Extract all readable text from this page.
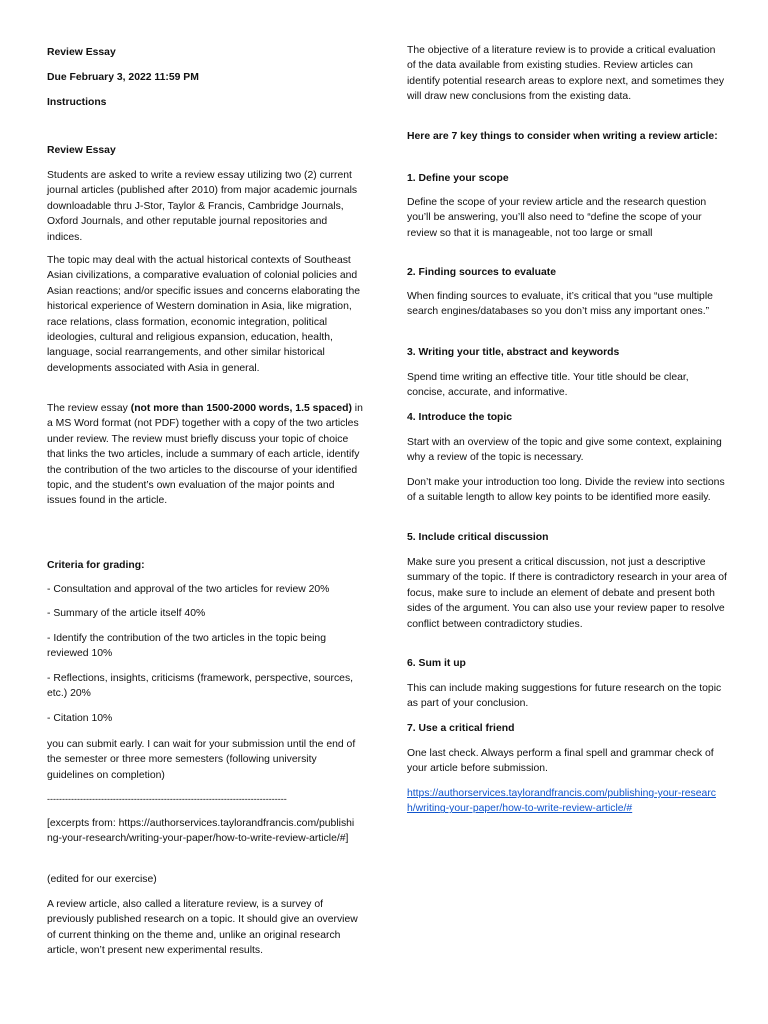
Review Essay

Due February 3, 2022 11:59 PM

Instructions

Review Essay

Students are asked to write a review essay utilizing two (2) current journal articles (published after 2010) from major academic journals downloadable thru J-Stor, Taylor & Francis, Cambridge Journals, Oxford Journals, and other reputable journal repositories and indices.

The topic may deal with the actual historical contexts of Southeast Asian civilizations, a comparative evaluation of colonial policies and Asian reactions; and/or specific issues and concerns elaborating the historical experience of Western domination in Asia, like migration, race relations, class formation, economic integration, political ideologies, cultural and religious expansion, education, health, language, social rearrangements, and other similar historical developments associated with Asia in general.

The review essay (not more than 1500-2000 words, 1.5 spaced) in a MS Word format (not PDF) together with a copy of the two articles under review. The review must briefly discuss your topic of choice that links the two articles, include a summary of each article, identify the contribution of the two articles to the discourse of your identified topic, and the student’s own evaluation of the major points and issues found in the article.

Criteria for grading:

- Consultation and approval of the two articles for review 20%

- Summary of the article itself 40%

- Identify the contribution of the two articles in the topic being reviewed 10%

- Reflections, insights, criticisms (framework, perspective, sources, etc.) 20%

- Citation 10%

you can submit early. I can wait for your submission until the end of the semester or three more semesters (following university guidelines on completion)

--------------------------------------------------------------------------------

[excerpts from: https://authorservices.taylorandfrancis.com/publishing-your-research/writing-your-paper/how-to-write-review-article/#]

(edited for our exercise)

A review article, also called a literature review, is a survey of previously published research on a topic. It should give an overview of current thinking on the theme and, unlike an original research article, won’t present new experimental results.

The objective of a literature review is to provide a critical evaluation of the data available from existing studies. Review articles can identify potential research areas to explore next, and sometimes they will draw new conclusions from the existing data.

Here are 7 key things to consider when writing a review article:

1. Define your scope

Define the scope of your review article and the research question you’ll be answering, you’ll also need to “define the scope of your review so that it is manageable, not too large or small

2. Finding sources to evaluate

When finding sources to evaluate, it’s critical that you “use multiple search engines/databases so you don’t miss any important ones.”

3. Writing your title, abstract and keywords

Spend time writing an effective title. Your title should be clear, concise, accurate, and informative.

4. Introduce the topic

Start with an overview of the topic and give some context, explaining why a review of the topic is necessary.

Don’t make your introduction too long. Divide the review into sections of a suitable length to allow key points to be identified more easily.

5. Include critical discussion

Make sure you present a critical discussion, not just a descriptive summary of the topic. If there is contradictory research in your area of focus, make sure to include an element of debate and present both sides of the argument. You can also use your review paper to resolve conflict between contradictory studies.

6. Sum it up

This can include making suggestions for future research on the topic as part of your conclusion.

7. Use a critical friend

One last check. Always perform a final spell and grammar check of your article before submission.

https://authorservices.taylorandfrancis.com/publishing-your-research/writing-your-paper/how-to-write-review-article/#
